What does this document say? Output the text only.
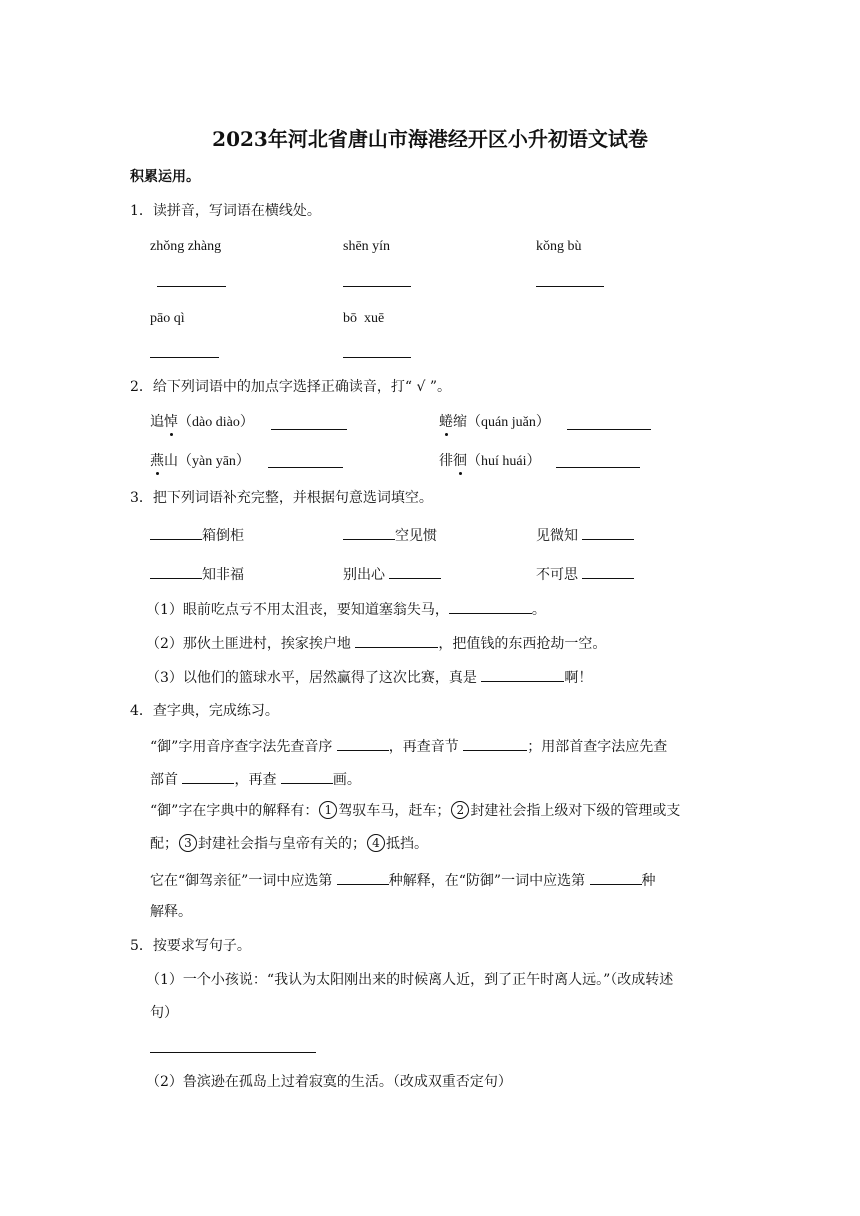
2023年河北省唐山市海港经开区小升初语文试卷
积累运用。
1．读拼音，写词语在横线处。
zhǒng zhàng	shēn yín	kǒng bù
pāo qì	bō  xuē
2．给下列词语中的加点字选择正确读音，打“ √ ”。
追悼（dào diào）	蜷缩（quán juǎn）
燕山（yàn yān）	徘徊（huí huái）
3．把下列词语补充完整，并根据句意选词填空。
箱倒柜	空见惯	见微知
知非福	别出心	不可思
（1）眼前吃点亏不用太沮丧，要知道塞翁失马，	。
（2）那伙土匪进村，挨家挨户地	，把值钱的东西抢劫一空。
（3）以他们的篮球水平，居然赢得了这次比赛，真是	啊！
4．查字典，完成练习。
“御”字用音序查字法先查音序	，再查音节	；用部首查字法应先查
部首	，再查	画。
“御”字在字典中的解释有： 1 驾驭车马，赶车； 2 封建社会指上级对下级的管理或支
配； 3 封建社会指与皇帝有关的； 4 抵挡。
它在“御驾亲征”一词中应选第	种解释，在“防御”一词中应选第	种
解释。
5．按要求写句子。
（1）一个小孩说：“我认为太阳刚出来的时候离人近，到了正午时离人远。”（改成转述
句）
（2）鲁滨逊在孤岛上过着寂寞的生活。（改成双重否定句）
